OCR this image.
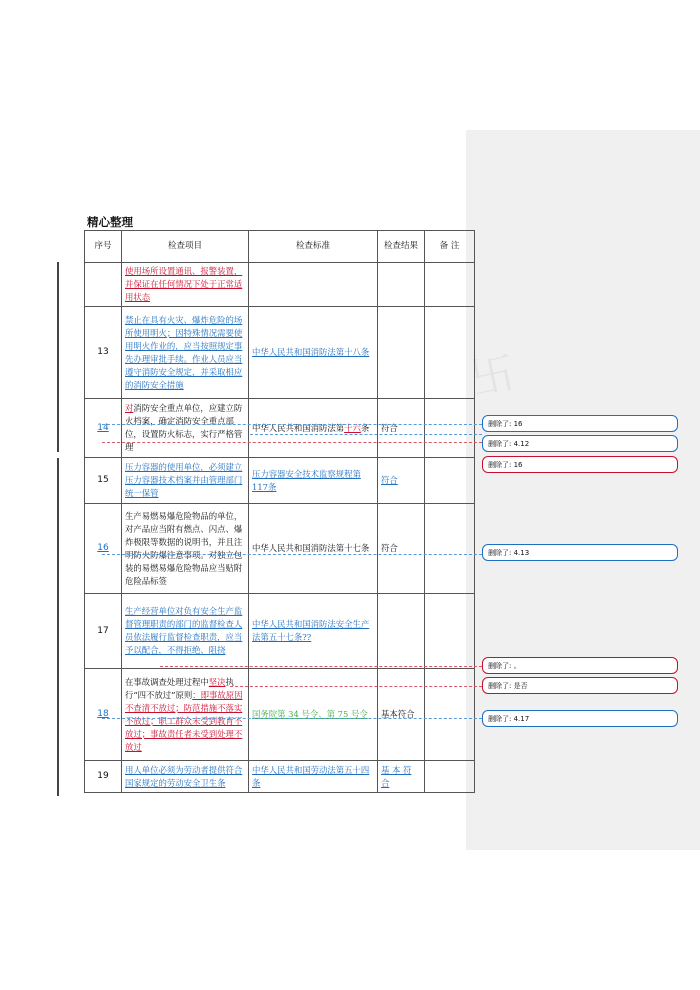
卐
精心整理
序号	检查项目	检查标准	检查结果	备 注
	使用场所设置通讯、报警装置，并保证在任何情况下处于正常适用状态			
13	禁止在具有火灾、爆炸危险的场所使用明火；因特殊情况需要使用明火作业的，应当按照规定事先办理审批手续。作业人员应当遵守消防安全规定，并采取相应的消防安全措施	中华人民共和国消防法第十八条		
14	对消防安全重点单位，应建立防火档案，确定消防安全重点部位，设置防火标志，实行严格管理	中华人民共和国消防法第十六条	符合	
15	压力容器的使用单位，必须建立压力容器技术档案并由管理部门统一保管	压力容器安全技术监察规程第117条	符合	
16	生产易燃易爆危险物品的单位，对产品应当附有燃点、闪点、爆炸极限等数据的说明书，并且注明防火防爆注意事项。对独立包装的易燃易爆危险物品应当贴附危险品标签	中华人民共和国消防法第十七条	符合	
17	生产经营单位对负有安全生产监督管理职责的部门的监督检查人员依法履行监督检查职责，应当予以配合，不得拒绝、阻挠	中华人民共和国消防法安全生产法第五十七条??		
18	在事故调查处理过程中坚决执行“四不放过”原则：即事故原因不查清不放过；防范措施不落实不放过；职工群众未受到教育不放过；事故责任者未受到处理不放过	国务院第 34 号令、第 75 号令	基本符合	
19	用人单位必须为劳动者提供符合国家规定的劳动安全卫生条	中华人民共和国劳动法第五十四条	基 本 符 合	
删除了: 16
删除了: 4.12
删除了: 16
删除了: 4.13
删除了: 。
删除了: 是否
删除了: 4.17
